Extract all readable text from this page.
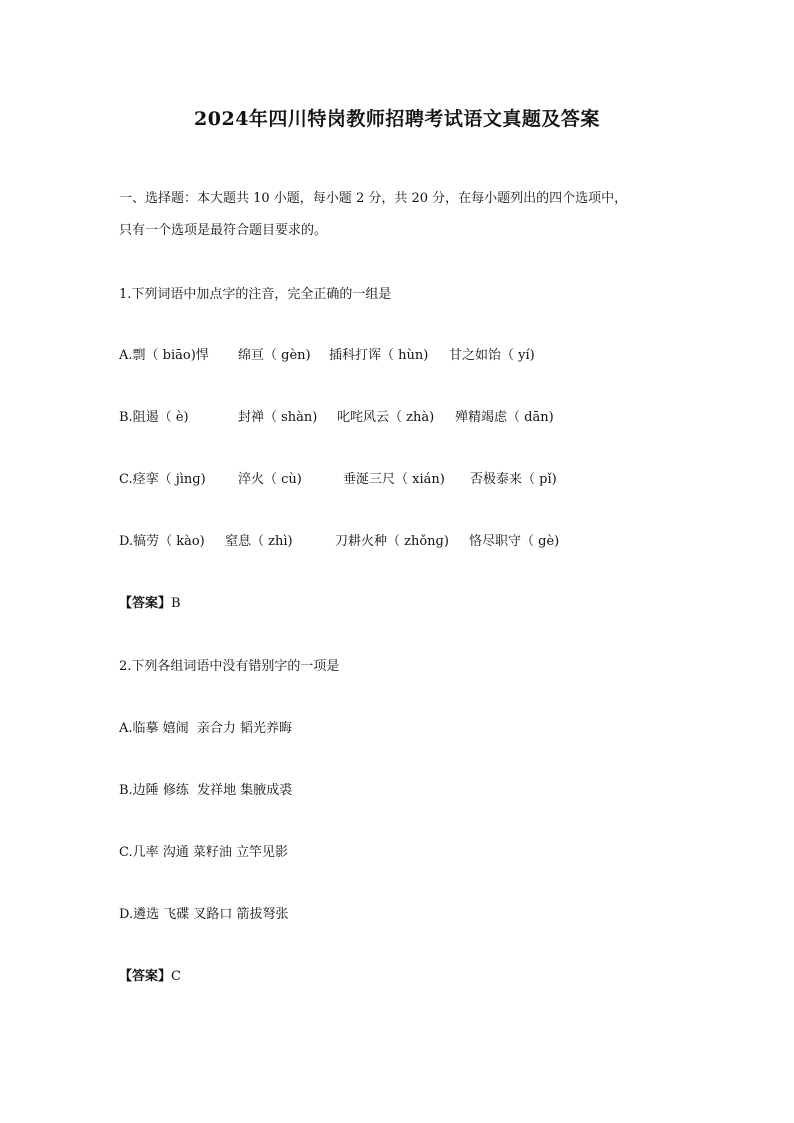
2024年四川特岗教师招聘考试语文真题及答案
一、选择题：本大题共 10 小题，每小题 2 分，共 20 分，在每小题列出的四个选项中，
只有一个选项是最符合题目要求的。
1.下列词语中加点字的注音，完全正确的一组是
A.剽（ biāo)悍 绵亘（ gèn) 插科打诨（ hùn) 甘之如饴（ yí)
B.阻遏（ è)	封禅（ shàn) 叱咤风云（ zhà) 殚精竭虑（ dān)
C.痉挛（ jìnɡ) 淬火（ cù)	垂涎三尺（ xián) 否极泰来（ pǐ)
D.犒劳（ kào) 窒息（ zhì)	刀耕火种（ zhǒnɡ) 恪尽职守（ gè)
【答案】B
2.下列各组词语中没有错别字的一项是
A.临摹 嬉闹  亲合力 韬光养晦
B.边陲 修练  发祥地 集腋成裘
C.几率 沟通 菜籽油 立竿见影
D.遴选 飞碟 叉路口 箭拔弩张
【答案】C
